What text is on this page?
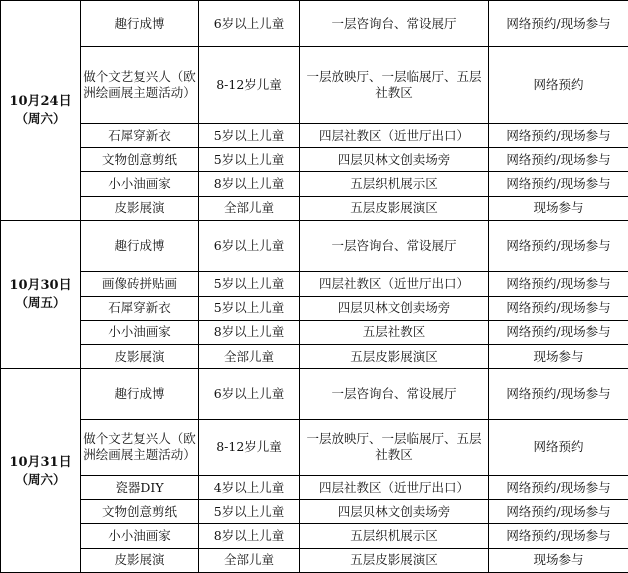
10月24日
（周六）	趣行成博	6岁以上儿童	一层咨询台、常设展厅	网络预约/现场参与
	做个文艺复兴人（欧洲绘画展主题活动）	8-12岁儿童	一层放映厅、一层临展厅、五层社教区	网络预约
	石犀穿新衣	5岁以上儿童	四层社教区（近世厅出口）	网络预约/现场参与
	文物创意剪纸	5岁以上儿童	四层贝林文创卖场旁	网络预约/现场参与
	小小油画家	8岁以上儿童	五层织机展示区	网络预约/现场参与
	皮影展演	全部儿童	五层皮影展演区	现场参与

10月30日
（周五）	趣行成博	6岁以上儿童	一层咨询台、常设展厅	网络预约/现场参与
	画像砖拼贴画	5岁以上儿童	四层社教区（近世厅出口）	网络预约/现场参与
	石犀穿新衣	5岁以上儿童	四层贝林文创卖场旁	网络预约/现场参与
	小小油画家	8岁以上儿童	五层社教区	网络预约/现场参与
	皮影展演	全部儿童	五层皮影展演区	现场参与

10月31日
（周六）	趣行成博	6岁以上儿童	一层咨询台、常设展厅	网络预约/现场参与
	做个文艺复兴人（欧洲绘画展主题活动）	8-12岁儿童	一层放映厅、一层临展厅、五层社教区	网络预约
	瓷器DIY	4岁以上儿童	四层社教区（近世厅出口）	网络预约/现场参与
	文物创意剪纸	5岁以上儿童	四层贝林文创卖场旁	网络预约/现场参与
	小小油画家	8岁以上儿童	五层织机展示区	网络预约/现场参与
	皮影展演	全部儿童	五层皮影展演区	现场参与
